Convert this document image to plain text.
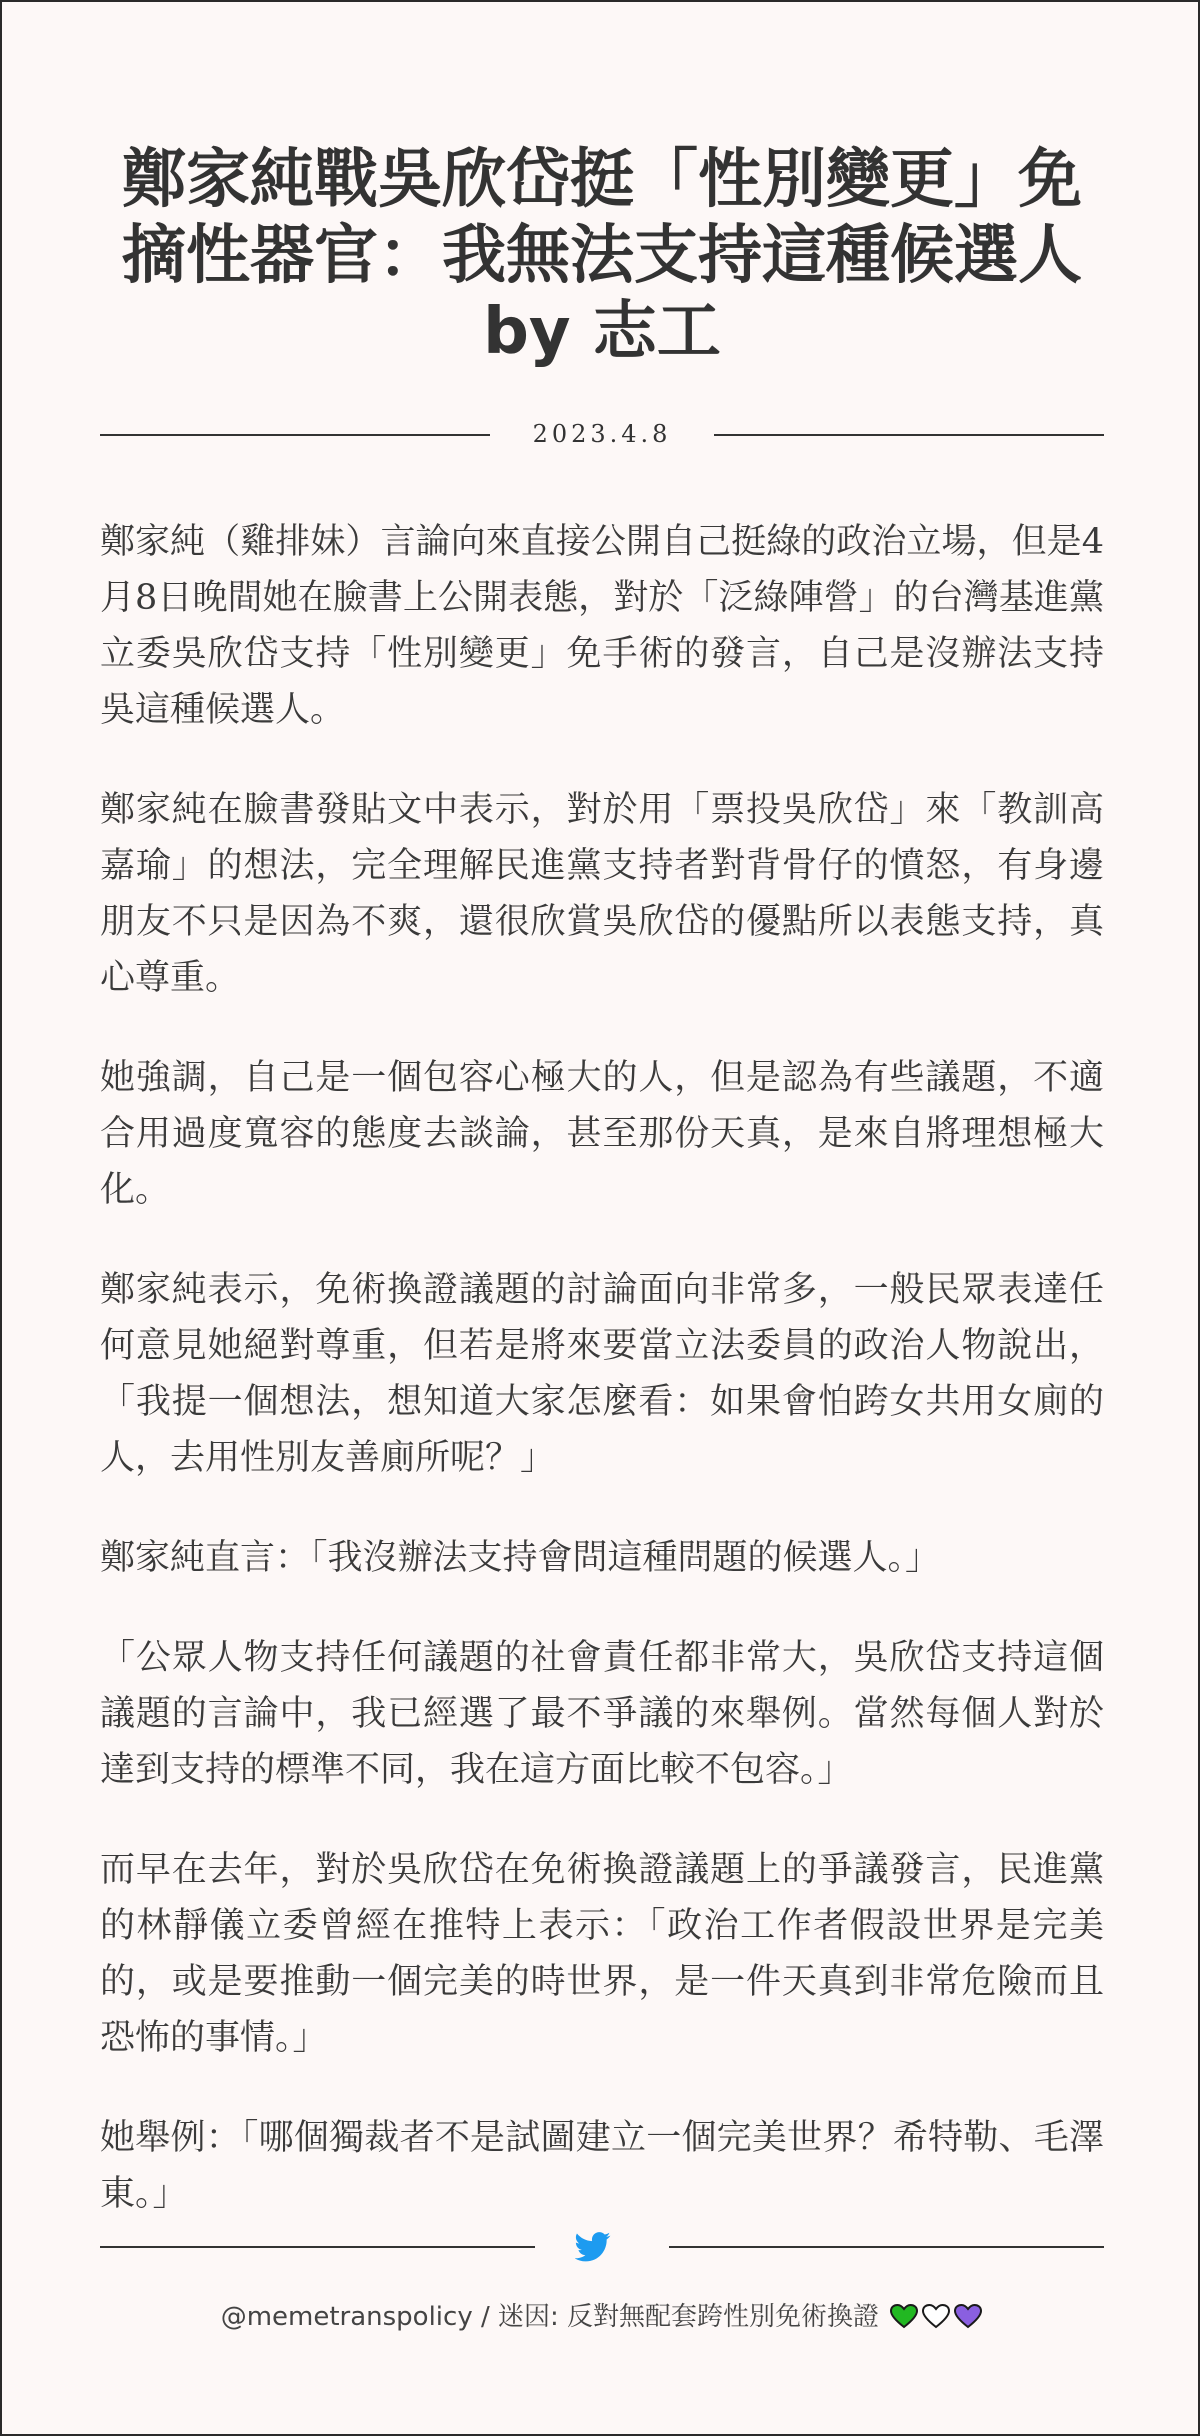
鄭家純戰吳欣岱挺「性別變更」免摘性器官：我無法支持這種候選人 by 志工
2023.4.8

鄭家純（雞排妹）言論向來直接公開自己挺綠的政治立場，但是4月8日晚間她在臉書上公開表態，對於「泛綠陣營」的台灣基進黨立委吳欣岱支持「性別變更」免手術的發言，自己是沒辦法支持吳這種候選人。

鄭家純在臉書發貼文中表示，對於用「票投吳欣岱」來「教訓高嘉瑜」的想法，完全理解民進黨支持者對背骨仔的憤怒，有身邊朋友不只是因為不爽，還很欣賞吳欣岱的優點所以表態支持，真心尊重。

她強調，自己是一個包容心極大的人，但是認為有些議題，不適合用過度寬容的態度去談論，甚至那份天真，是來自將理想極大化。

鄭家純表示，免術換證議題的討論面向非常多，一般民眾表達任何意見她絕對尊重，但若是將來要當立法委員的政治人物說出，「我提一個想法，想知道大家怎麼看：如果會怕跨女共用女廁的人，去用性別友善廁所呢？」

鄭家純直言：「我沒辦法支持會問這種問題的候選人。」

「公眾人物支持任何議題的社會責任都非常大，吳欣岱支持這個議題的言論中，我已經選了最不爭議的來舉例。當然每個人對於達到支持的標準不同，我在這方面比較不包容。」

而早在去年，對於吳欣岱在免術換證議題上的爭議發言，民進黨的林靜儀立委曾經在推特上表示：「政治工作者假設世界是完美的，或是要推動一個完美的時世界，是一件天真到非常危險而且恐怖的事情。」

她舉例：「哪個獨裁者不是試圖建立一個完美世界？希特勒、毛澤東。」

@memetranspolicy / 迷因: 反對無配套跨性別免術換證
